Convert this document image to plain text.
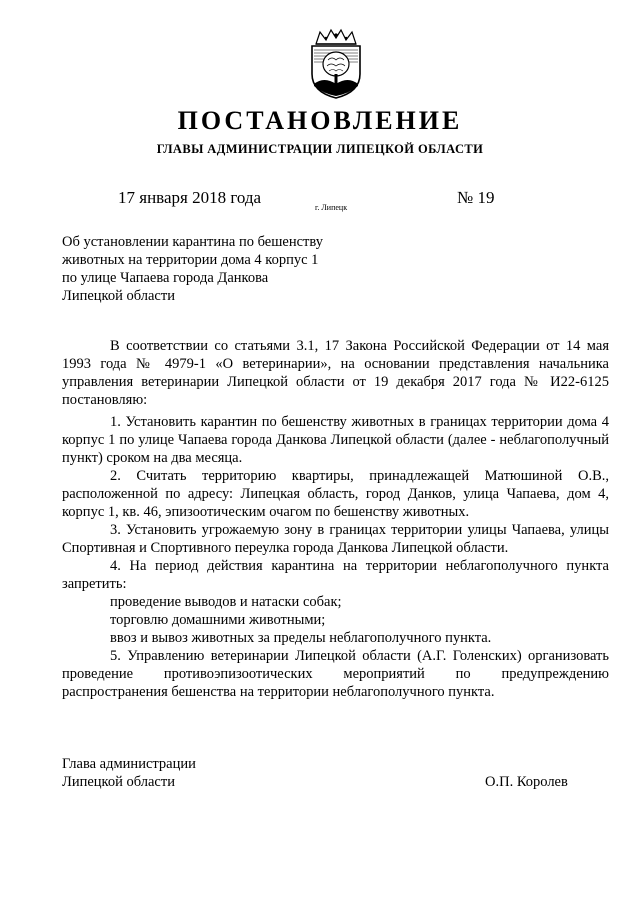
ПОСТАНОВЛЕНИЕ
ГЛАВЫ АДМИНИСТРАЦИИ ЛИПЕЦКОЙ ОБЛАСТИ
17 января 2018 года
г. Липецк
№ 19
Об установлении карантина по бешенству
животных на территории дома 4 корпус 1
по улице Чапаева города Данкова
Липецкой области

В соответствии со статьями 3.1, 17 Закона Российской Федерации от 14 мая 1993 года № 4979-1 «О ветеринарии», на основании представления начальника управления ветеринарии Липецкой области от 19 декабря 2017 года № И22-6125 постановляю:

1. Установить карантин по бешенству животных в границах территории дома 4 корпус 1 по улице Чапаева города Данкова Липецкой области (далее - неблагополучный пункт) сроком на два месяца.

2. Считать территорию квартиры, принадлежащей Матюшиной О.В., расположенной по адресу: Липецкая область, город Данков, улица Чапаева, дом 4, корпус 1, кв. 46, эпизоотическим очагом по бешенству животных.

3. Установить угрожаемую зону в границах территории улицы Чапаева, улицы Спортивная и Спортивного переулка города Данкова Липецкой области.

4. На период действия карантина на территории неблагополучного пункта запретить:

проведение выводов и натаски собак;

торговлю домашними животными;

ввоз и вывоз животных за пределы неблагополучного пункта.

5. Управлению ветеринарии Липецкой области (А.Г. Голенских) организовать проведение противоэпизоотических мероприятий по предупреждению распространения бешенства на территории неблагополучного пункта.

Глава администрации
Липецкой области	О.П. Королев
